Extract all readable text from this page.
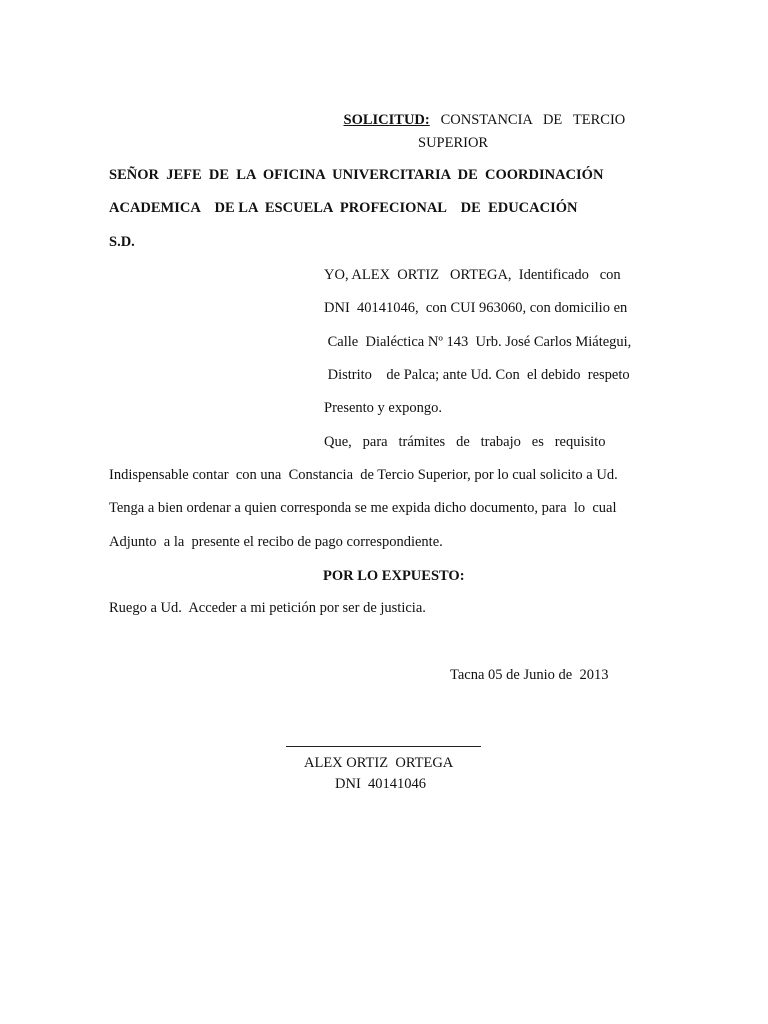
SOLICITUD: CONSTANCIA   DE   TERCIO

SUPERIOR
SEÑOR  JEFE  DE  LA  OFICINA  UNIVERCITARIA  DE  COORDINACIÓN
ACADEMICA    DE LA  ESCUELA  PROFECIONAL    DE  EDUCACIÓN
S.D.
YO, ALEX  ORTIZ   ORTEGA,  Identificado   con
DNI  40141046,  con CUI 963060, con domicilio en
Calle  Dialéctica Nº 143  Urb. José Carlos Miátegui,
Distrito    de Palca; ante Ud. Con  el debido  respeto
Presento y expongo.
Que,   para   trámites   de   trabajo   es   requisito
Indispensable contar  con una  Constancia  de Tercio Superior, por lo cual solicito a Ud.
Tenga a bien ordenar a quien corresponda se me expida dicho documento, para  lo  cual
Adjunto  a la  presente el recibo de pago correspondiente.
POR LO EXPUESTO:
Ruego a Ud.  Acceder a mi petición por ser de justicia.
Tacna 05 de Junio de  2013
ALEX ORTIZ  ORTEGA
DNI  40141046
